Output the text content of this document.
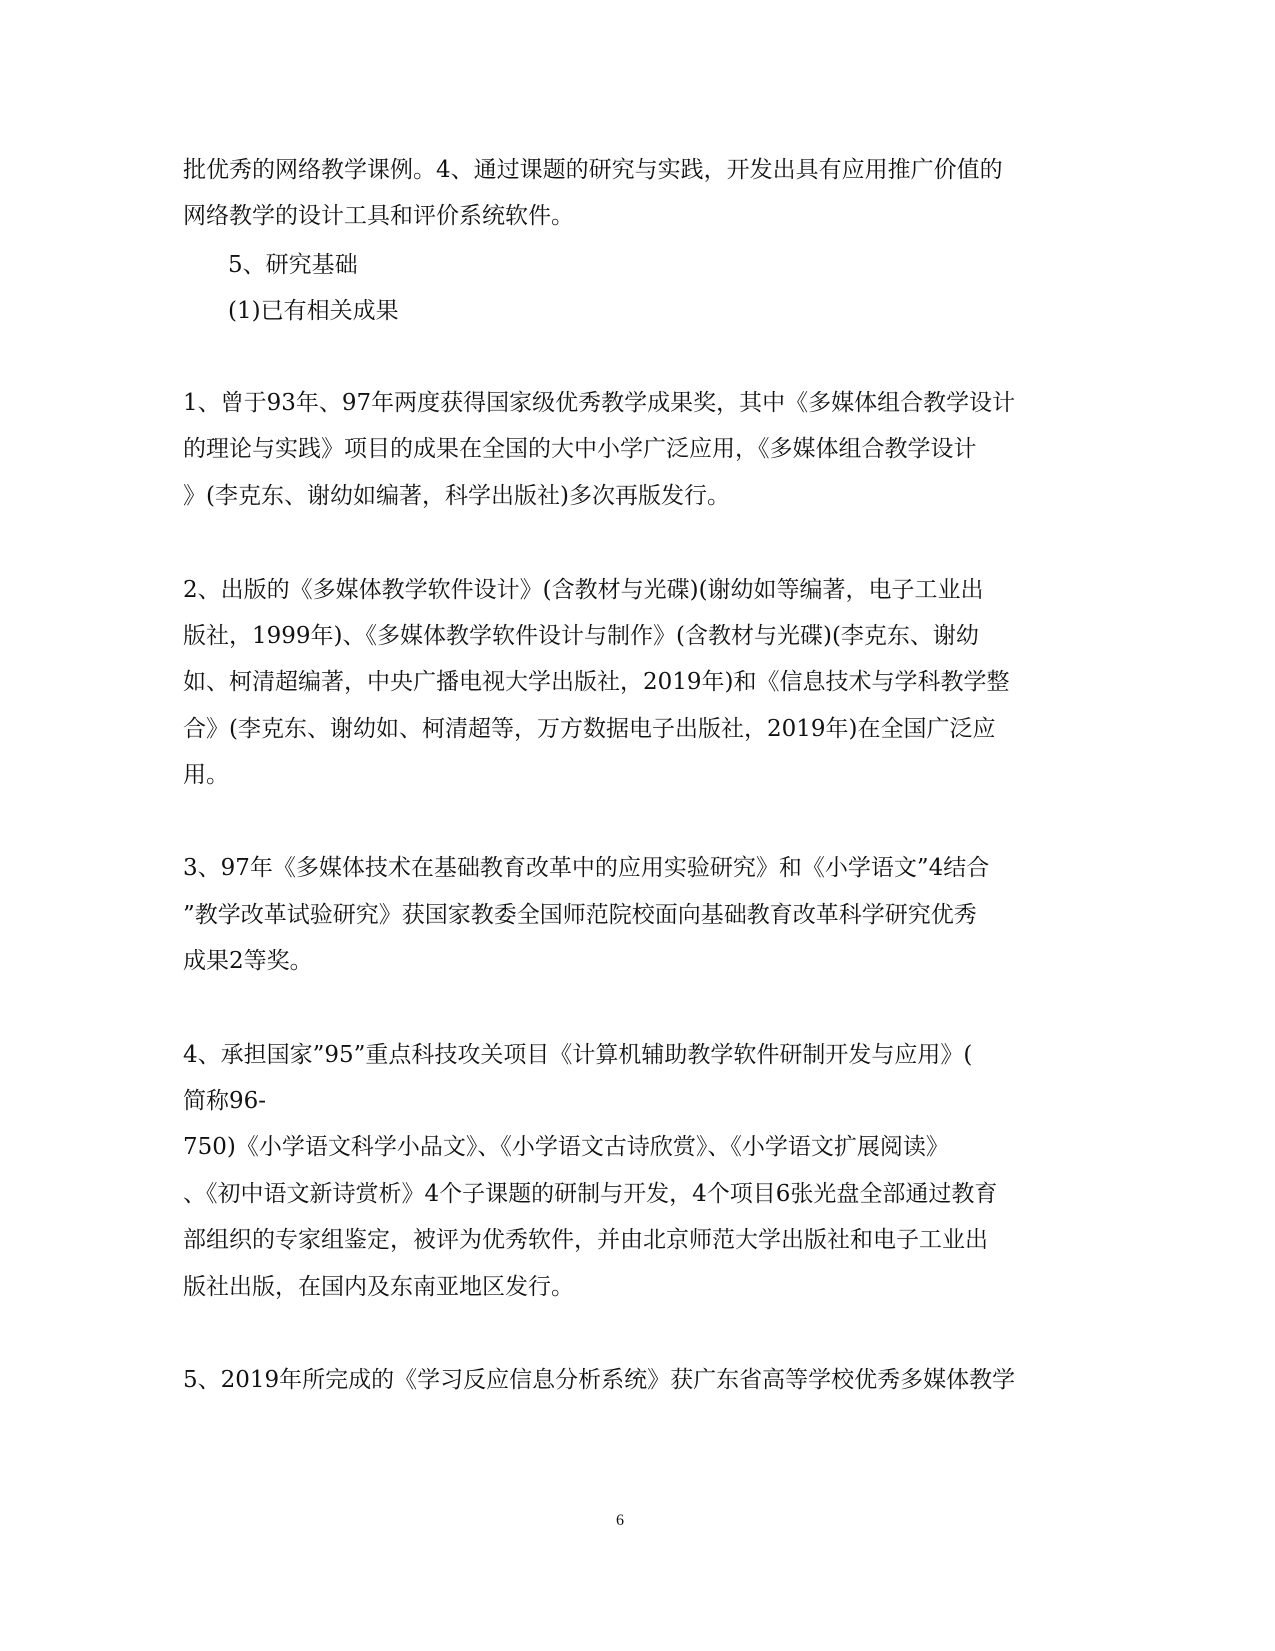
批优秀的网络教学课例。4、通过课题的研究与实践，开发出具有应用推广价值的
网络教学的设计工具和评价系统软件。
5、研究基础
(1)已有相关成果
1、曾于93年、97年两度获得国家级优秀教学成果奖，其中《多媒体组合教学设计
的理论与实践》项目的成果在全国的大中小学广泛应用，《多媒体组合教学设计
》(李克东、谢幼如编著，科学出版社)多次再版发行。
2、出版的《多媒体教学软件设计》(含教材与光碟)(谢幼如等编著，电子工业出
版社，1999年)、《多媒体教学软件设计与制作》(含教材与光碟)(李克东、谢幼
如、柯清超编著，中央广播电视大学出版社，2019年)和《信息技术与学科教学整
合》(李克东、谢幼如、柯清超等，万方数据电子出版社，2019年)在全国广泛应
用。
3、97年《多媒体技术在基础教育改革中的应用实验研究》和《小学语文”4结合
”教学改革试验研究》获国家教委全国师范院校面向基础教育改革科学研究优秀
成果2等奖。
4、承担国家”95”重点科技攻关项目《计算机辅助教学软件研制开发与应用》(
简称96-
750)《小学语文科学小品文》、《小学语文古诗欣赏》、《小学语文扩展阅读》
、《初中语文新诗赏析》4个子课题的研制与开发，4个项目6张光盘全部通过教育
部组织的专家组鉴定，被评为优秀软件，并由北京师范大学出版社和电子工业出
版社出版，在国内及东南亚地区发行。
5、2019年所完成的《学习反应信息分析系统》获广东省高等学校优秀多媒体教学
6
